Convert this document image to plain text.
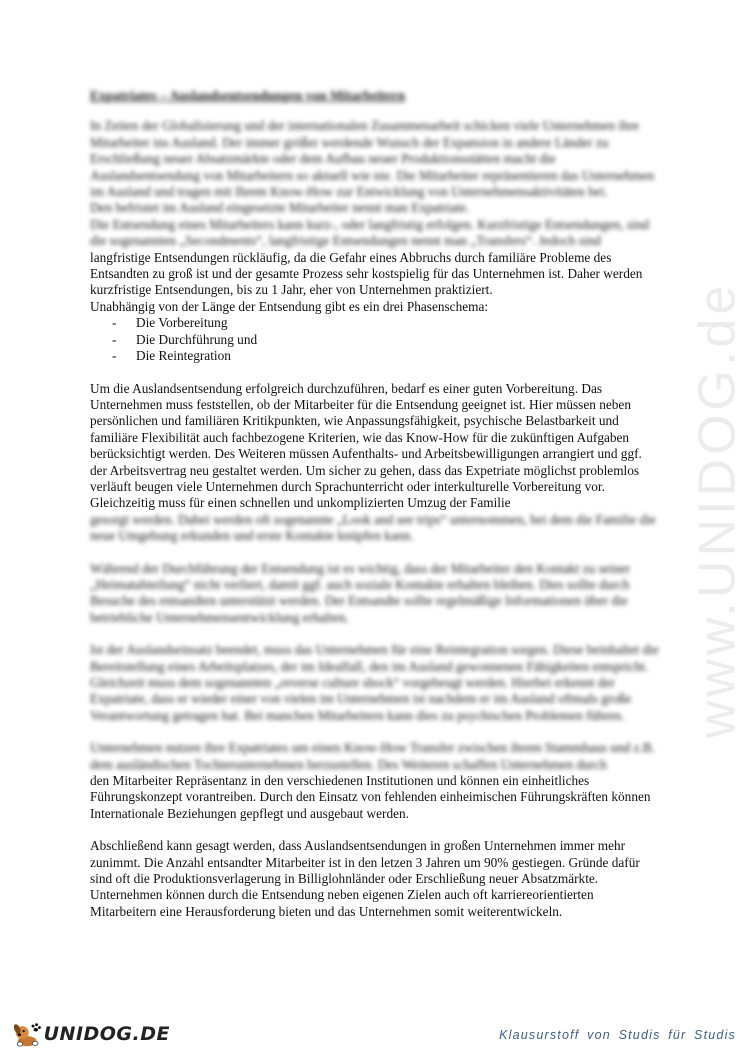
www.UNIDOG.de
Expatriates – Auslandsentsendungen von Mitarbeitern

In Zeiten der Globalisierung und der internationalen Zusammenarbeit schicken viele Unternehmen ihre Mitarbeiter ins Ausland. Der immer größer werdende Wunsch der Expansion in andere Länder zu Erschließung neuer Absatzmärkte oder dem Aufbau neuer Produktionsstätten macht die Auslandsentsendung von Mitarbeitern so aktuell wie nie. Die Mitarbeiter repräsentieren das Unternehmen im Ausland und tragen mit Ihrem Know-How zur Entwicklung von Unternehmensaktivitäten bei.

Den befristet im Ausland eingesetzte Mitarbeiter nennt man Expatriate.

Die Entsendung eines Mitarbeiters kann kurz-, oder langfristig erfolgen. Kurzfristige Entsendungen, sind die sogenannten „Secondments“, langfristige Entsendungen nennt man „Transfers“. Jedoch sind

langfristige Entsendungen rückläufig, da die Gefahr eines Abbruchs durch familiäre Probleme des Entsandten zu groß ist und der gesamte Prozess sehr kostspielig für das Unternehmen ist. Daher werden kurzfristige Entsendungen, bis zu 1 Jahr, eher von Unternehmen praktiziert.

Unabhängig von der Länge der Entsendung gibt es ein drei Phasenschema:

- Die Vorbereitung
- Die Durchführung und
- Die Reintegration

Um die Auslandsentsendung erfolgreich durchzuführen, bedarf es einer guten Vorbereitung. Das Unternehmen muss feststellen, ob der Mitarbeiter für die Entsendung geeignet ist. Hier müssen neben persönlichen und familiären Kritikpunkten, wie Anpassungsfähigkeit, psychische Belastbarkeit und familiäre Flexibilität auch fachbezogene Kriterien, wie das Know-How für die zukünftigen Aufgaben berücksichtigt werden. Des Weiteren müssen Aufenthalts- und Arbeitsbewilligungen arrangiert und ggf. der Arbeitsvertrag neu gestaltet werden. Um sicher zu gehen, dass das Expetriate möglichst problemlos verläuft beugen viele Unternehmen durch Sprachunterricht oder interkulturelle Vorbereitung vor. Gleichzeitig muss für einen schnellen und unkomplizierten Umzug der Familie

gesorgt werden. Dabei werden oft sogenannte „Look and see trips“ unternommen, bei dem die Familie die neue Umgebung erkunden und erste Kontakte knüpfen kann.

Während der Durchführung der Entsendung ist es wichtig, dass der Mitarbeiter den Kontakt zu seiner „Heimatabteilung“ nicht verliert, damit ggf. auch soziale Kontakte erhalten bleiben. Dies sollte durch Besuche des entsandten unterstützt werden. Der Entsandte sollte regelmäßige Informationen über die betriebliche Unternehmensentwicklung erhalten.

Ist der Auslandseinsatz beendet, muss das Unternehmen für eine Reintegration sorgen. Diese beinhaltet die Bereitstellung eines Arbeitsplatzes, der im Idealfall, den im Ausland gewonnenen Fähigkeiten entspricht. Gleichzeit muss dem sogenannten „reverse culture shock“ vorgebeugt werden. Hierbei erkennt der Expatriate, dass er wieder einer von vielen im Unternehmen ist nachdem er im Ausland oftmals große Verantwortung getragen hat. Bei manchen Mitarbeitern kann dies zu psychischen Problemen führen.

Unternehmen nutzen ihre Expatriates um einen Know-How Transfer zwischen ihrem Stammhaus und z.B. dem ausländischen Tochterunternehmen herzustellen. Des Weiteren schaffen Unternehmen durch

den Mitarbeiter Repräsentanz in den verschiedenen Institutionen und können ein einheitliches Führungskonzept vorantreiben. Durch den Einsatz von fehlenden einheimischen Führungskräften können Internationale Beziehungen gepflegt und ausgebaut werden.

Abschließend kann gesagt werden, dass Auslandsentsendungen in großen Unternehmen immer mehr zunimmt. Die Anzahl entsandter Mitarbeiter ist in den letzen 3 Jahren um 90% gestiegen. Gründe dafür sind oft die Produktionsverlagerung in Billiglohnländer oder Erschließung neuer Absatzmärkte. Unternehmen können durch die Entsendung neben eigenen Zielen auch oft karriereorientierten Mitarbeitern eine Herausforderung bieten und das Unternehmen somit weiterentwickeln.

UNIDOG.DE	Klausurstoff von Studis für Studis
